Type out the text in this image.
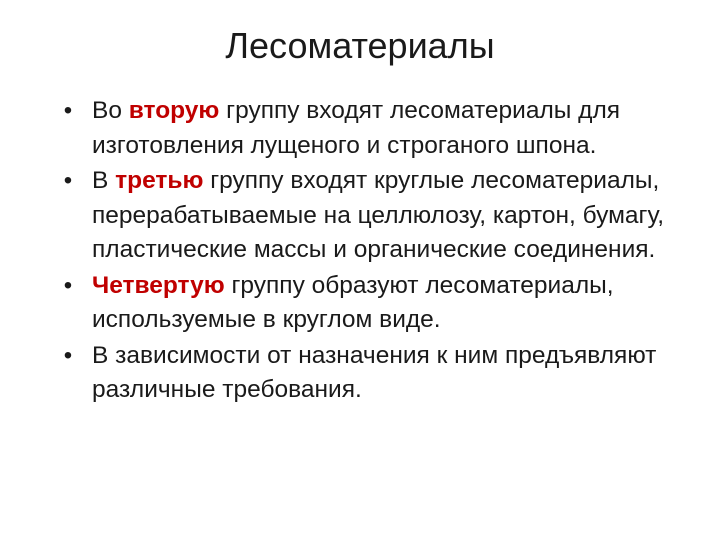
Лесоматериалы
• Во вторую группу входят лесоматериалы для изготовления лущеного и строганого шпона.
• В третью группу входят круглые лесоматериалы, перерабатываемые на целлюлозу, картон, бумагу, пластические массы и органические соединения.
• Четвертую группу образуют лесоматериалы, используемые в круглом виде.
• В зависимости от назначения к ним предъявляют различные требования.
